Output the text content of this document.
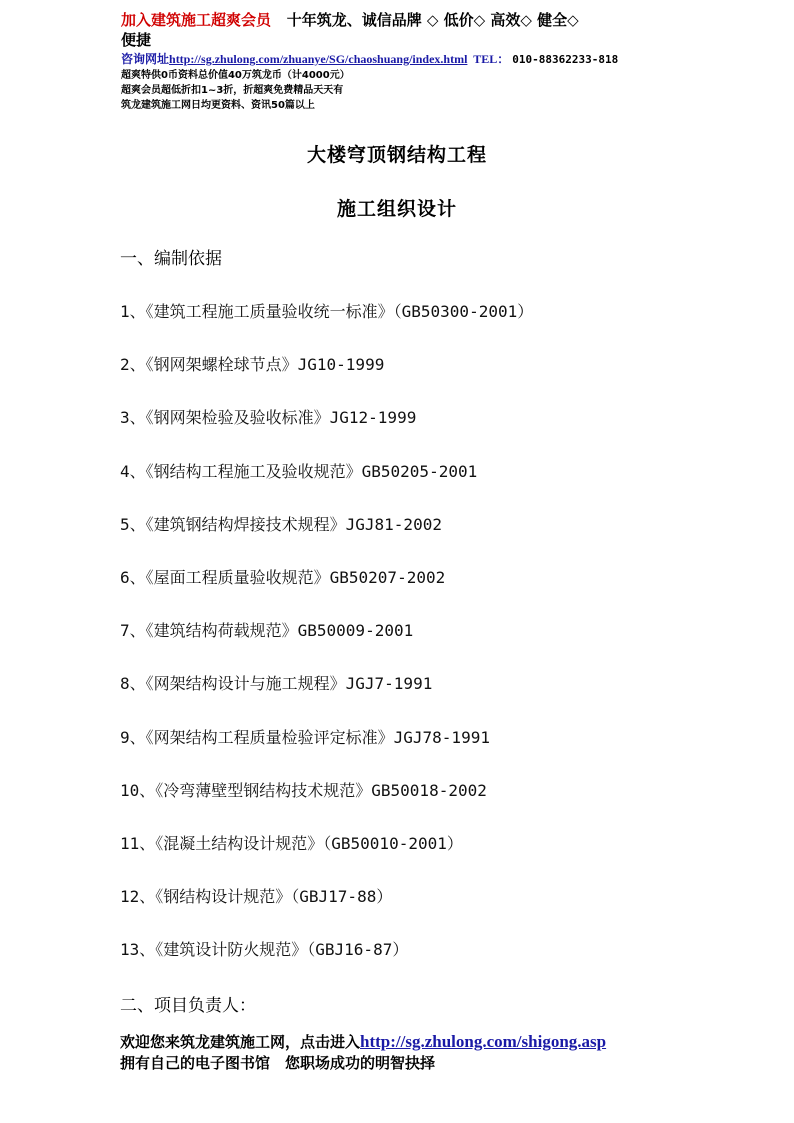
加入建筑施工超爽会员 十年筑龙、诚信品牌 ◇ 低价◇ 高效◇ 健全◇
便捷
咨询网址http://sg.zhulong.com/zhuanye/SG/chaoshuang/index.html TEL： 010-88362233-818
超爽特供0币资料总价值40万筑龙币（计4000元）
超爽会员超低折扣1~3折，折超爽免费精品天天有
筑龙建筑施工网日均更资料、资讯50篇以上
大楼穹顶钢结构工程
施工组织设计
一、编制依据
1、《建筑工程施工质量验收统一标准》（GB50300-2001）
2、《钢网架螺栓球节点》JG10-1999
3、《钢网架检验及验收标准》JG12-1999
4、《钢结构工程施工及验收规范》GB50205-2001
5、《建筑钢结构焊接技术规程》JGJ81-2002
6、《屋面工程质量验收规范》GB50207-2002
7、《建筑结构荷载规范》GB50009-2001
8、《网架结构设计与施工规程》JGJ7-1991
9、《网架结构工程质量检验评定标准》JGJ78-1991
10、《冷弯薄壁型钢结构技术规范》GB50018-2002
11、《混凝土结构设计规范》（GB50010-2001）
12、《钢结构设计规范》（GBJ17-88）
13、《建筑设计防火规范》（GBJ16-87）
二、项目负责人：
欢迎您来筑龙建筑施工网，点击进入http://sg.zhulong.com/shigong.asp
拥有自己的电子图书馆　您职场成功的明智抉择
